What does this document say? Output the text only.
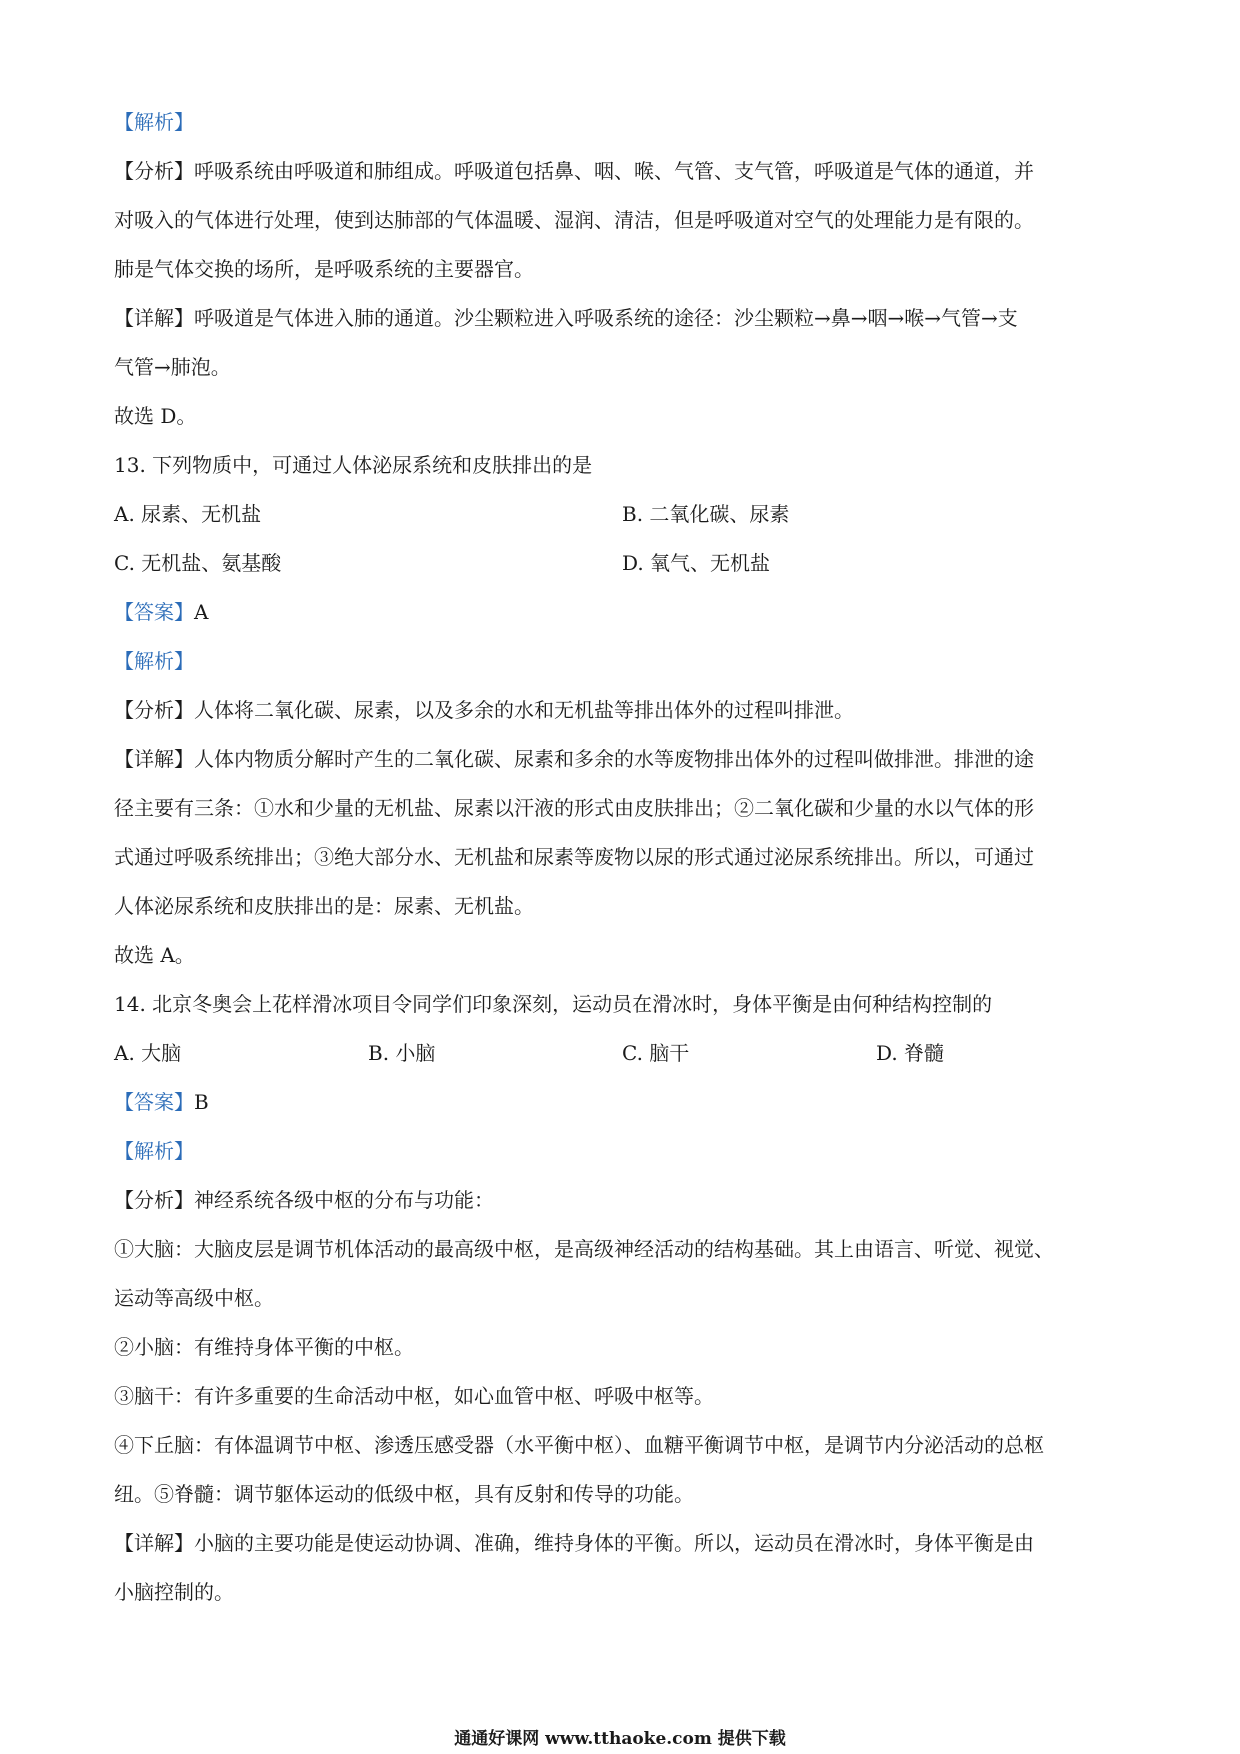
【解析】
【分析】呼吸系统由呼吸道和肺组成。呼吸道包括鼻、咽、喉、气管、支气管，呼吸道是气体的通道，并
对吸入的气体进行处理，使到达肺部的气体温暖、湿润、清洁，但是呼吸道对空气的处理能力是有限的。
肺是气体交换的场所，是呼吸系统的主要器官。
【详解】呼吸道是气体进入肺的通道。沙尘颗粒进入呼吸系统的途径：沙尘颗粒→鼻→咽→喉→气管→支
气管→肺泡。
故选 D。
13. 下列物质中，可通过人体泌尿系统和皮肤排出的是
A. 尿素、无机盐	B. 二氧化碳、尿素
C. 无机盐、氨基酸	D. 氧气、无机盐
【答案】A
【解析】
【分析】人体将二氧化碳、尿素，以及多余的水和无机盐等排出体外的过程叫排泄。
【详解】人体内物质分解时产生的二氧化碳、尿素和多余的水等废物排出体外的过程叫做排泄。排泄的途
径主要有三条：①水和少量的无机盐、尿素以汗液的形式由皮肤排出；②二氧化碳和少量的水以气体的形
式通过呼吸系统排出；③绝大部分水、无机盐和尿素等废物以尿的形式通过泌尿系统排出。所以，可通过
人体泌尿系统和皮肤排出的是：尿素、无机盐。
故选 A。
14. 北京冬奥会上花样滑冰项目令同学们印象深刻，运动员在滑冰时，身体平衡是由何种结构控制的
A. 大脑	B. 小脑	C. 脑干	D. 脊髓
【答案】B
【解析】
【分析】神经系统各级中枢的分布与功能：
①大脑：大脑皮层是调节机体活动的最高级中枢，是高级神经活动的结构基础。其上由语言、听觉、视觉、
运动等高级中枢。
②小脑：有维持身体平衡的中枢。
③脑干：有许多重要的生命活动中枢，如心血管中枢、呼吸中枢等。
④下丘脑：有体温调节中枢、渗透压感受器（水平衡中枢）、血糖平衡调节中枢，是调节内分泌活动的总枢
纽。⑤脊髓：调节躯体运动的低级中枢，具有反射和传导的功能。
【详解】小脑的主要功能是使运动协调、准确，维持身体的平衡。所以，运动员在滑冰时，身体平衡是由
小脑控制的。
通通好课网 www.tthaoke.com 提供下载
